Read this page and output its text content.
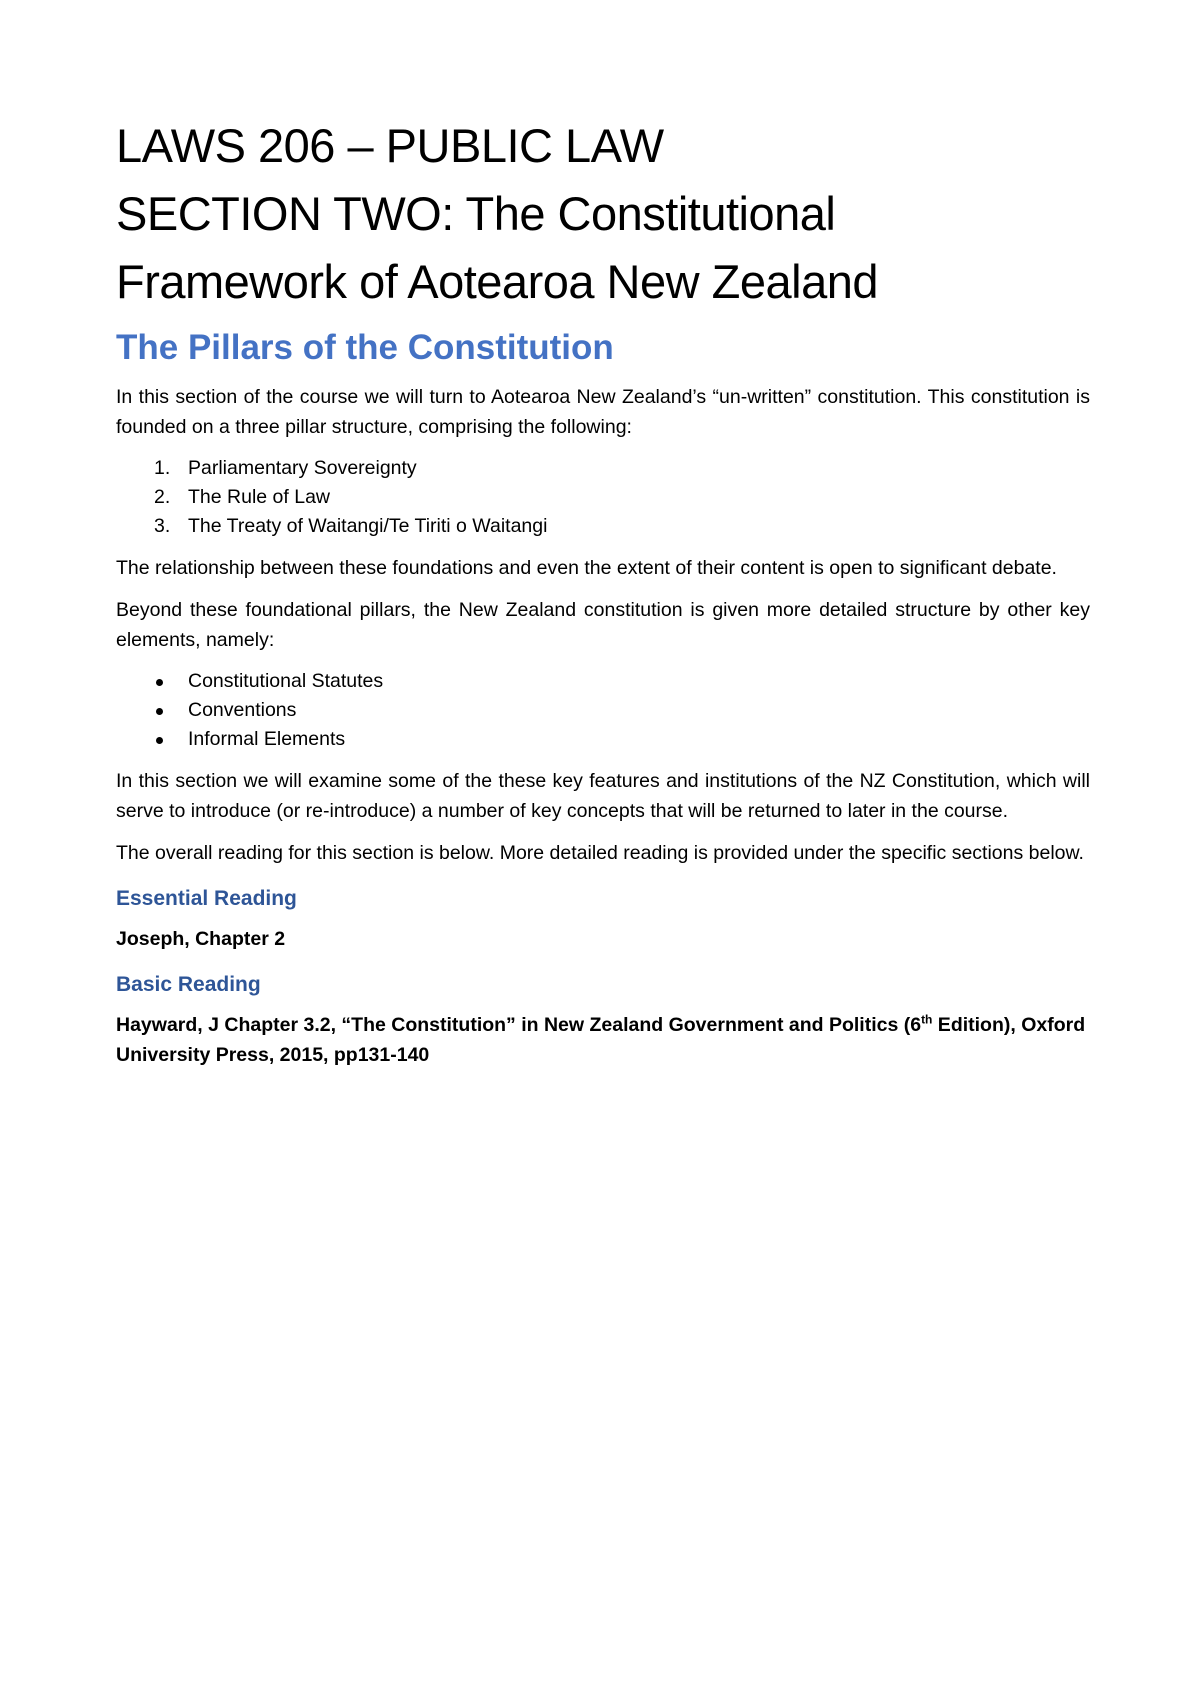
LAWS 206 – PUBLIC LAW
SECTION TWO: The Constitutional
Framework of Aotearoa New Zealand
The Pillars of the Constitution

In this section of the course we will turn to Aotearoa New Zealand’s “un-written” constitution. This constitution is founded on a three pillar structure, comprising the following:

1. Parliamentary Sovereignty
2. The Rule of Law
3. The Treaty of Waitangi/Te Tiriti o Waitangi

The relationship between these foundations and even the extent of their content is open to significant debate.

Beyond these foundational pillars, the New Zealand constitution is given more detailed structure by other key elements, namely:

Constitutional Statutes
Conventions
Informal Elements

In this section we will examine some of the these key features and institutions of the NZ Constitution, which will serve to introduce (or re-introduce) a number of key concepts that will be returned to later in the course.

The overall reading for this section is below. More detailed reading is provided under the specific sections below.

Essential Reading

Joseph, Chapter 2

Basic Reading

Hayward, J Chapter 3.2, “The Constitution” in New Zealand Government and Politics (6th Edition), Oxford University Press, 2015, pp131-140
